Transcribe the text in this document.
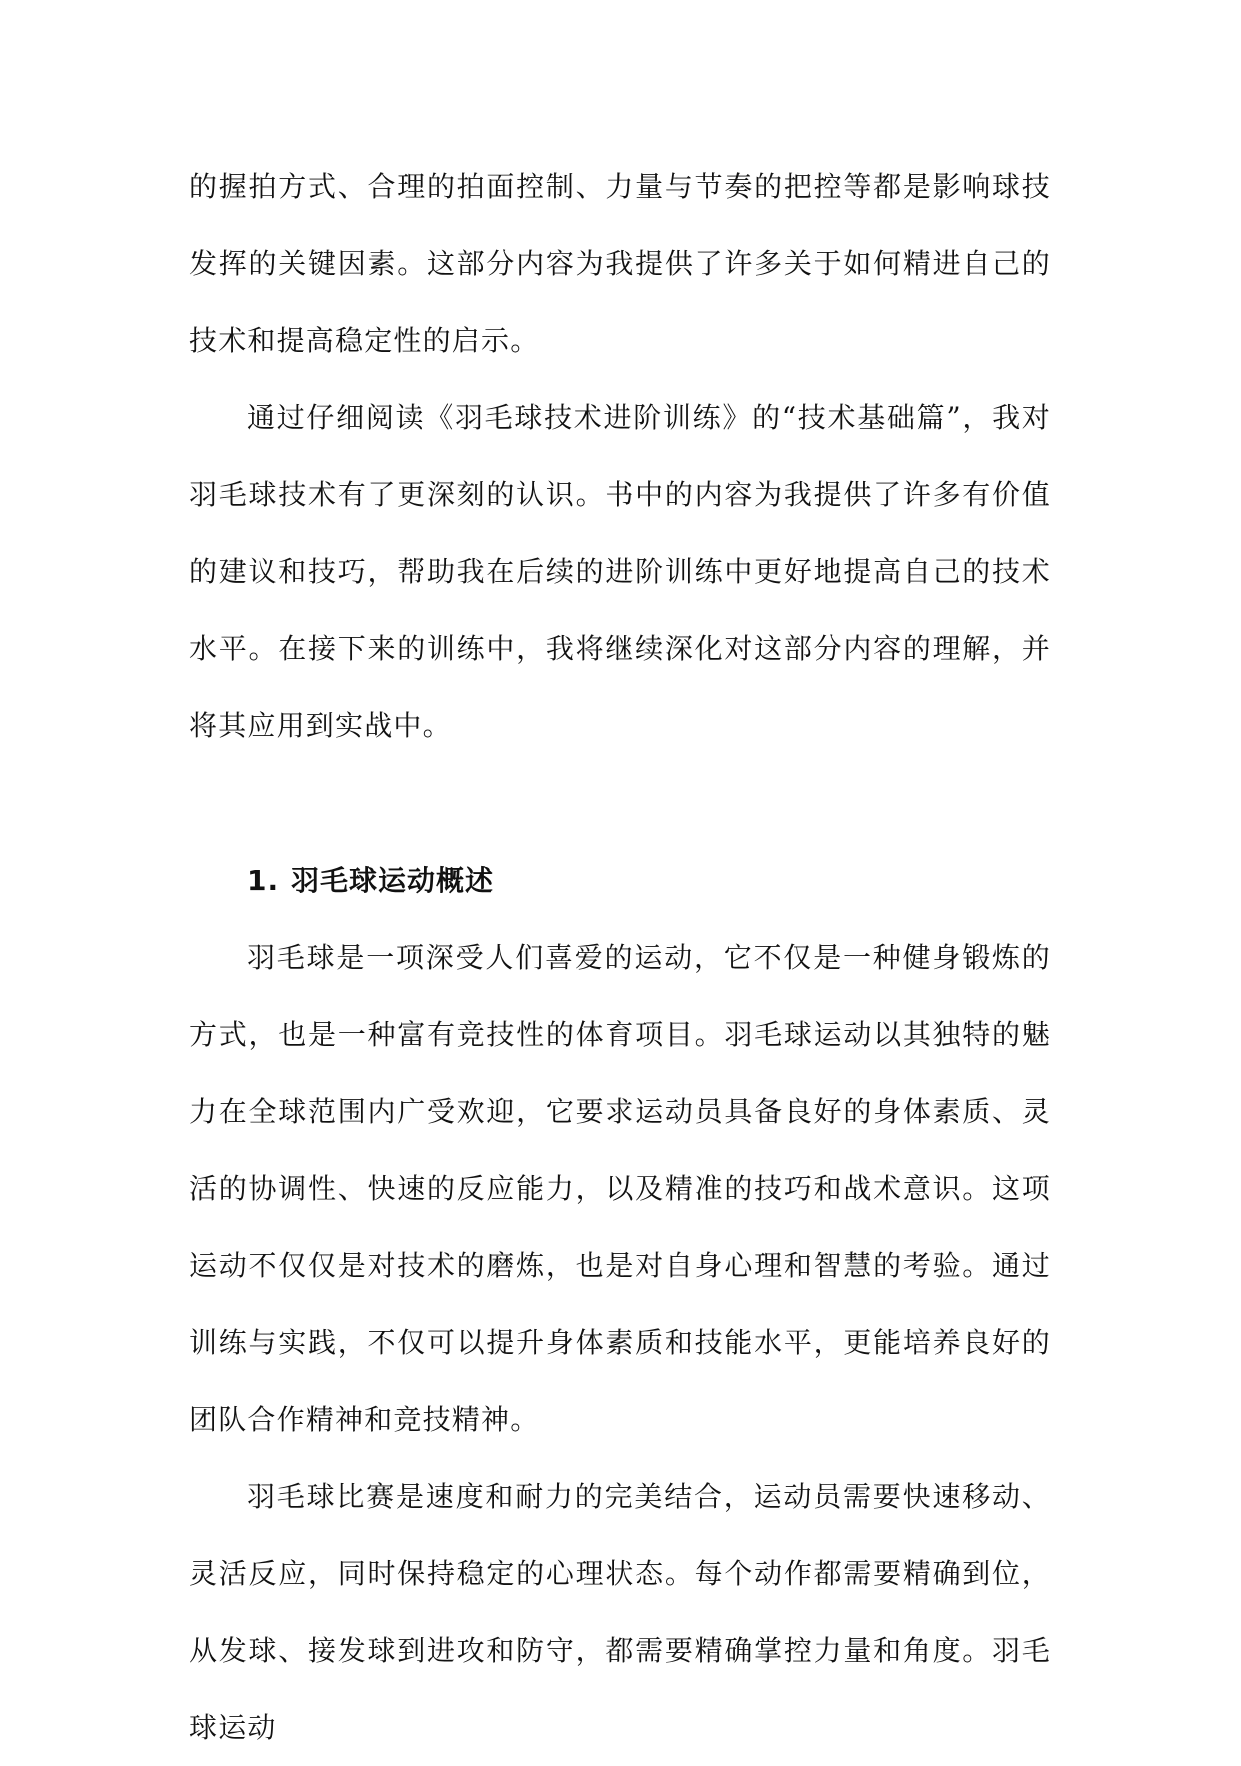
的握拍方式、合理的拍面控制、力量与节奏的把控等都是影响球技发挥的关键因素。这部分内容为我提供了许多关于如何精进自己的技术和提高稳定性的启示。

通过仔细阅读《羽毛球技术进阶训练》的“技术基础篇”，我对羽毛球技术有了更深刻的认识。书中的内容为我提供了许多有价值的建议和技巧，帮助我在后续的进阶训练中更好地提高自己的技术水平。在接下来的训练中，我将继续深化对这部分内容的理解，并将其应用到实战中。

1. 羽毛球运动概述

羽毛球是一项深受人们喜爱的运动，它不仅是一种健身锻炼的方式，也是一种富有竞技性的体育项目。羽毛球运动以其独特的魅力在全球范围内广受欢迎，它要求运动员具备良好的身体素质、灵活的协调性、快速的反应能力，以及精准的技巧和战术意识。这项运动不仅仅是对技术的磨炼，也是对自身心理和智慧的考验。通过训练与实践，不仅可以提升身体素质和技能水平，更能培养良好的团队合作精神和竞技精神。

羽毛球比赛是速度和耐力的完美结合，运动员需要快速移动、灵活反应，同时保持稳定的心理状态。每个动作都需要精确到位，从发球、接发球到进攻和防守，都需要精确掌控力量和角度。羽毛球运动
